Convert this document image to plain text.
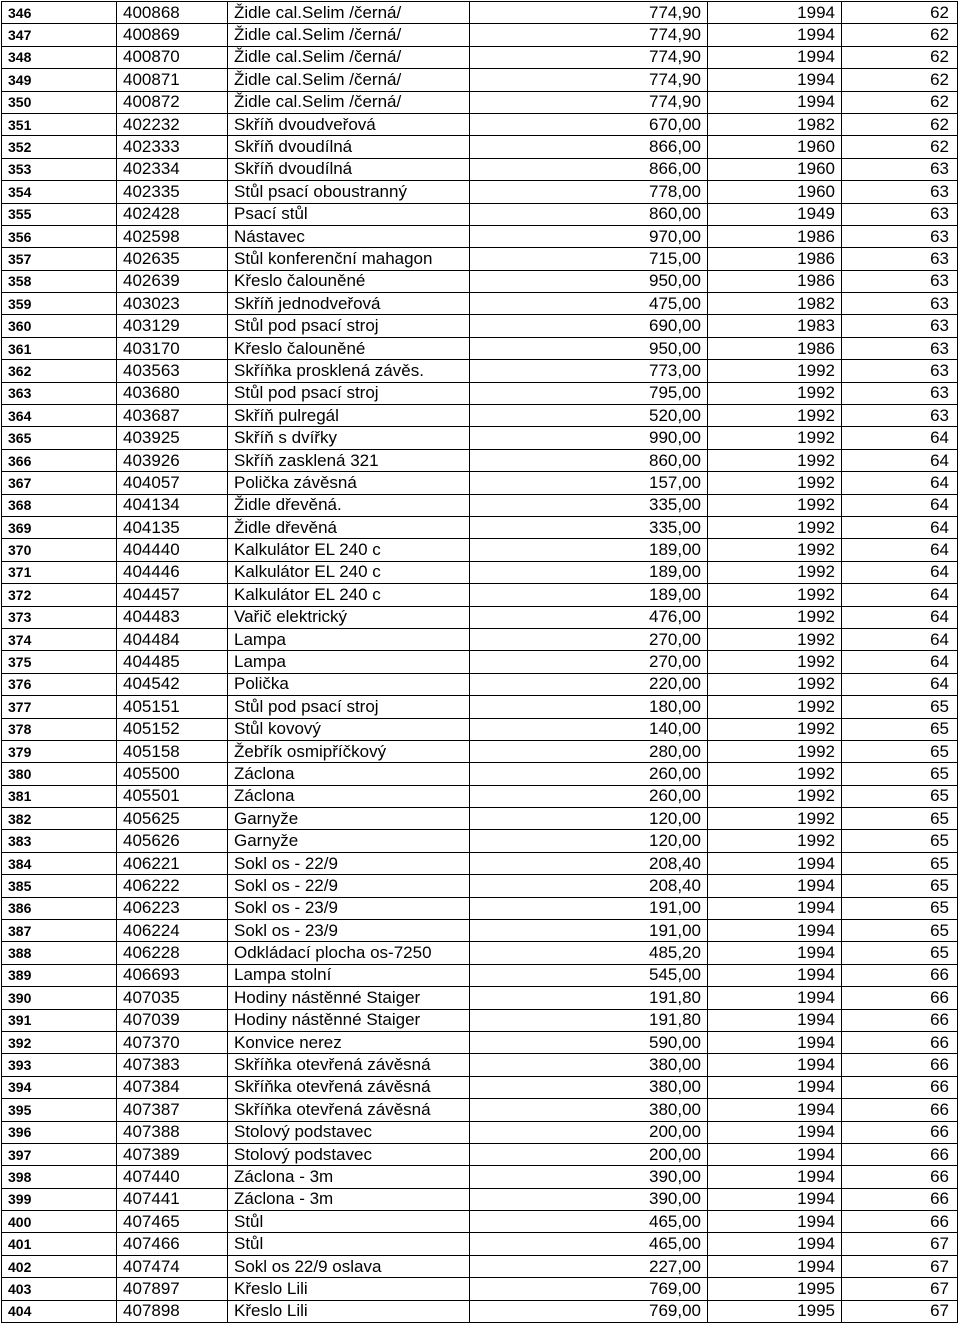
346	400868	Židle cal.Selim /černá/	774,90	1994	62
347	400869	Židle cal.Selim /černá/	774,90	1994	62
348	400870	Židle cal.Selim /černá/	774,90	1994	62
349	400871	Židle cal.Selim /černá/	774,90	1994	62
350	400872	Židle cal.Selim /černá/	774,90	1994	62
351	402232	Skříň dvoudveřová	670,00	1982	62
352	402333	Skříň dvoudílná	866,00	1960	62
353	402334	Skříň dvoudílná	866,00	1960	63
354	402335	Stůl psací oboustranný	778,00	1960	63
355	402428	Psací stůl	860,00	1949	63
356	402598	Nástavec	970,00	1986	63
357	402635	Stůl konferenční mahagon	715,00	1986	63
358	402639	Křeslo čalouněné	950,00	1986	63
359	403023	Skříň jednodveřová	475,00	1982	63
360	403129	Stůl pod psací stroj	690,00	1983	63
361	403170	Křeslo čalouněné	950,00	1986	63
362	403563	Skříňka prosklená závěs.	773,00	1992	63
363	403680	Stůl pod psací stroj	795,00	1992	63
364	403687	Skříň pulregál	520,00	1992	63
365	403925	Skříň s dvířky	990,00	1992	64
366	403926	Skříň zasklená 321	860,00	1992	64
367	404057	Polička závěsná	157,00	1992	64
368	404134	Židle dřevěná.	335,00	1992	64
369	404135	Židle dřevěná	335,00	1992	64
370	404440	Kalkulátor EL 240 c	189,00	1992	64
371	404446	Kalkulátor EL 240 c	189,00	1992	64
372	404457	Kalkulátor EL 240 c	189,00	1992	64
373	404483	Vařič elektrický	476,00	1992	64
374	404484	Lampa	270,00	1992	64
375	404485	Lampa	270,00	1992	64
376	404542	Polička	220,00	1992	64
377	405151	Stůl pod psací stroj	180,00	1992	65
378	405152	Stůl kovový	140,00	1992	65
379	405158	Žebřík osmipříčkový	280,00	1992	65
380	405500	Záclona	260,00	1992	65
381	405501	Záclona	260,00	1992	65
382	405625	Garnyže	120,00	1992	65
383	405626	Garnyže	120,00	1992	65
384	406221	Sokl os - 22/9	208,40	1994	65
385	406222	Sokl os - 22/9	208,40	1994	65
386	406223	Sokl os - 23/9	191,00	1994	65
387	406224	Sokl os - 23/9	191,00	1994	65
388	406228	Odkládací plocha os-7250	485,20	1994	65
389	406693	Lampa stolní	545,00	1994	66
390	407035	Hodiny nástěnné Staiger	191,80	1994	66
391	407039	Hodiny nástěnné Staiger	191,80	1994	66
392	407370	Konvice nerez	590,00	1994	66
393	407383	Skříňka otevřená závěsná	380,00	1994	66
394	407384	Skříňka otevřená závěsná	380,00	1994	66
395	407387	Skříňka otevřená závěsná	380,00	1994	66
396	407388	Stolový podstavec	200,00	1994	66
397	407389	Stolový podstavec	200,00	1994	66
398	407440	Záclona - 3m	390,00	1994	66
399	407441	Záclona - 3m	390,00	1994	66
400	407465	Stůl	465,00	1994	66
401	407466	Stůl	465,00	1994	67
402	407474	Sokl os 22/9 oslava	227,00	1994	67
403	407897	Křeslo Lili	769,00	1995	67
404	407898	Křeslo Lili	769,00	1995	67
